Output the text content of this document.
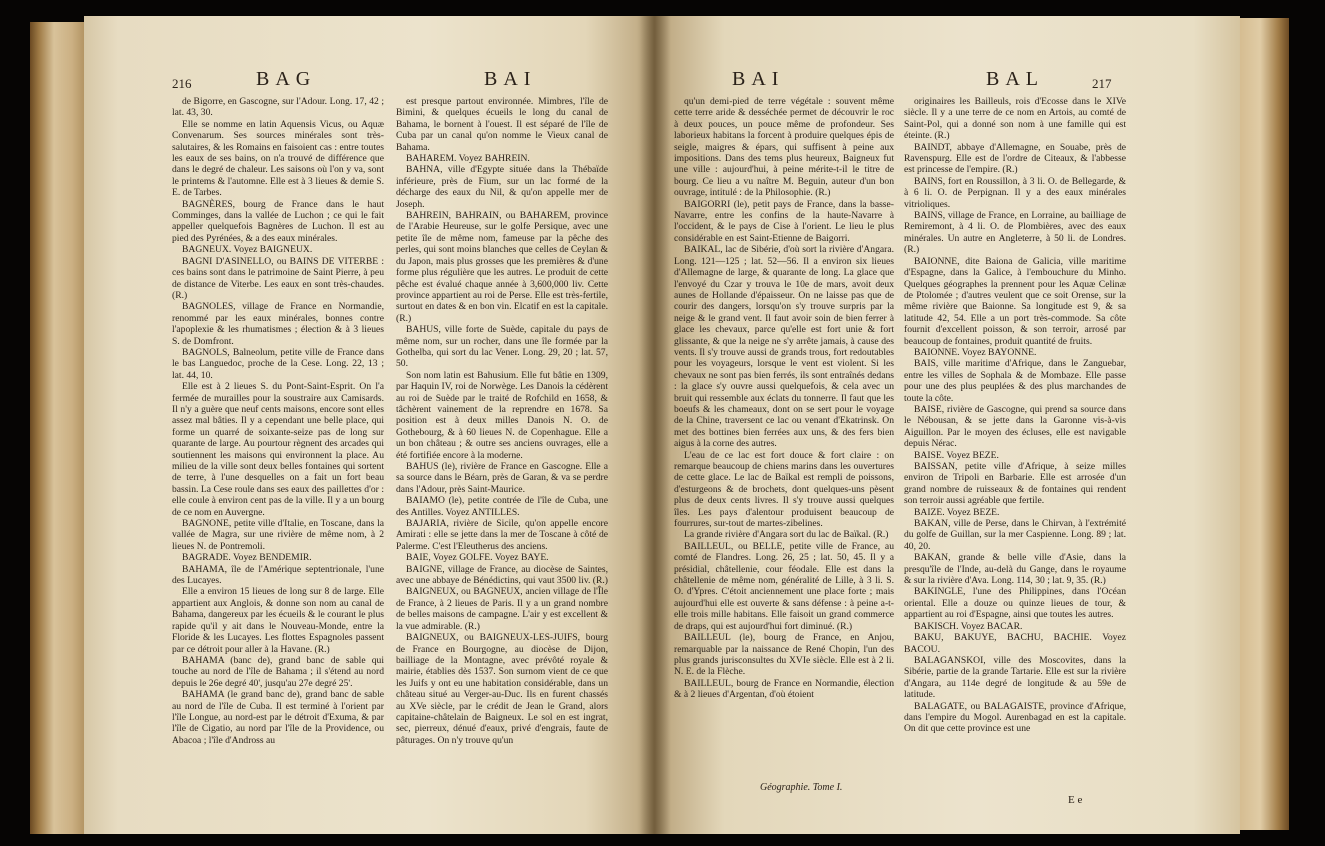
216	BAG	BAI

de Bigorre, en Gascogne, sur l'Adour. Long. 17, 42 ; lat. 43, 30.

Elle se nomme en latin Aquensis Vicus, ou Aquæ Convenarum. Ses sources minérales sont très-salutaires, & les Romains en faisoient cas : entre toutes les eaux de ses bains, on n'a trouvé de différence que dans le degré de chaleur. Les saisons où l'on y va, sont le printems & l'automne. Elle est à 3 lieues & demie S. E. de Tarbes.

BAGNÈRES, bourg de France dans le haut Comminges, dans la vallée de Luchon ; ce qui le fait appeller quelquefois Bagnères de Luchon. Il est au pied des Pyrénées, & a des eaux minérales.

BAGNEUX. Voyez BAIGNEUX.

BAGNI D'ASINELLO, ou BAINS DE VITERBE : ces bains sont dans le patrimoine de Saint Pierre, à peu de distance de Viterbe. Les eaux en sont très-chaudes. (R.)

BAGNOLES, village de France en Normandie, renommé par les eaux minérales, bonnes contre l'apoplexie & les rhumatismes ; élection & à 3 lieues S. de Domfront.

BAGNOLS, Balneolum, petite ville de France dans le bas Languedoc, proche de la Cese. Long. 22, 13 ; lat. 44, 10.

Elle est à 2 lieues S. du Pont-Saint-Esprit. On l'a fermée de murailles pour la soustraire aux Camisards. Il n'y a guère que neuf cents maisons, encore sont elles assez mal bâties. Il y a cependant une belle place, qui forme un quarré de soixante-seize pas de long sur quarante de large. Au pourtour règnent des arcades qui soutiennent les maisons qui environnent la place. Au milieu de la ville sont deux belles fontaines qui sortent de terre, à l'une desquelles on a fait un fort beau bassin. La Cese roule dans ses eaux des paillettes d'or : elle coule à environ cent pas de la ville. Il y a un bourg de ce nom en Auvergne.

BAGNONE, petite ville d'Italie, en Toscane, dans la vallée de Magra, sur une rivière de même nom, à 2 lieues N. de Pontremoli.

BAGRADE. Voyez BENDEMIR.

BAHAMA, île de l'Amérique septentrionale, l'une des Lucayes.

Elle a environ 15 lieues de long sur 8 de large. Elle appartient aux Anglois, & donne son nom au canal de Bahama, dangereux par les écueils & le courant le plus rapide qu'il y ait dans le Nouveau-Monde, entre la Floride & les Lucayes. Les flottes Espagnoles passent par ce détroit pour aller à la Havane. (R.)

BAHAMA (banc de), grand banc de sable qui touche au nord de l'île de Bahama ; il s'étend au nord depuis le 26e degré 40', jusqu'au 27e degré 25'.

BAHAMA (le grand banc de), grand banc de sable au nord de l'île de Cuba. Il est terminé à l'orient par l'île Longue, au nord-est par le détroit d'Exuma, & par l'île de Cigatio, au nord par l'île de la Providence, ou Abacoa ; l'île d'Andross au

est presque partout environnée. Mimbres, l'île de Bimini, & quelques écueils le long du canal de Bahama, le bornent à l'ouest. Il est séparé de l'île de Cuba par un canal qu'on nomme le Vieux canal de Bahama.

BAHAREM. Voyez BAHREIN.

BAHNA, ville d'Egypte située dans la Thébaïde inférieure, près de Fium, sur un lac formé de la décharge des eaux du Nil, & qu'on appelle mer de Joseph.

BAHREIN, BAHRAIN, ou BAHAREM, province de l'Arabie Heureuse, sur le golfe Persique, avec une petite île de même nom, fameuse par la pêche des perles, qui sont moins blanches que celles de Ceylan & du Japon, mais plus grosses que les premières & d'une forme plus régulière que les autres. Le produit de cette pêche est évalué chaque année à 3,600,000 liv. Cette province appartient au roi de Perse. Elle est très-fertile, surtout en dates & en bon vin. Elcatif en est la capitale. (R.)

BAHUS, ville forte de Suède, capitale du pays de même nom, sur un rocher, dans une île formée par la Gothelba, qui sort du lac Vener. Long. 29, 20 ; lat. 57, 50.

Son nom latin est Bahusium. Elle fut bâtie en 1309, par Haquin IV, roi de Norwège. Les Danois la cédèrent au roi de Suède par le traité de Rofchild en 1658, & tâchèrent vainement de la reprendre en 1678. Sa position est à deux milles Danois N. O. de Gothebourg, & à 60 lieues N. de Copenhague. Elle a un bon château ; & outre ses anciens ouvrages, elle a été fortifiée encore à la moderne.

BAHUS (le), rivière de France en Gascogne. Elle a sa source dans le Béarn, près de Garan, & va se perdre dans l'Adour, près Saint-Maurice.

BAIAMO (le), petite contrée de l'île de Cuba, une des Antilles. Voyez ANTILLES.

BAJARIA, rivière de Sicile, qu'on appelle encore Amirati : elle se jette dans la mer de Toscane à côté de Palerme. C'est l'Eleutherus des anciens.

BAIE, Voyez GOLFE. Voyez BAYE.

BAIGNE, village de France, au diocèse de Saintes, avec une abbaye de Bénédictins, qui vaut 3500 liv. (R.)

BAIGNEUX, ou BAGNEUX, ancien village de l'Île de France, à 2 lieues de Paris. Il y a un grand nombre de belles maisons de campagne. L'air y est excellent & la vue admirable. (R.)

BAIGNEUX, ou BAIGNEUX-LES-JUIFS, bourg de France en Bourgogne, au diocèse de Dijon, bailliage de la Montagne, avec prévôté royale & mairie, établies dès 1537. Son surnom vient de ce que les Juifs y ont eu une habitation considérable, dans un château situé au Verger-au-Duc. Ils en furent chassés au XVe siècle, par le crédit de Jean le Grand, alors capitaine-châtelain de Baigneux. Le sol en est ingrat, sec, pierreux, dénué d'eaux, privé d'engrais, faute de pâturages. On n'y trouve qu'un

BAI	BAL	217

qu'un demi-pied de terre végétale : souvent même cette terre aride & desséchée permet de découvrir le roc à deux pouces, un pouce même de profondeur. Ses laborieux habitans la forcent à produire quelques épis de seigle, maigres & épars, qui suffisent à peine aux impositions. Dans des tems plus heureux, Baigneux fut une ville : aujourd'hui, à peine mérite-t-il le titre de bourg. Ce lieu a vu naître M. Beguin, auteur d'un bon ouvrage, intitulé : de la Philosophie. (R.)

BAIGORRI (le), petit pays de France, dans la basse-Navarre, entre les confins de la haute-Navarre à l'occident, & le pays de Cise à l'orient. Le lieu le plus considérable en est Saint-Etienne de Baigorri.

BAIKAL, lac de Sibérie, d'où sort la rivière d'Angara. Long. 121—125 ; lat. 52—56. Il a environ six lieues d'Allemagne de large, & quarante de long. La glace que l'envoyé du Czar y trouva le 10e de mars, avoit deux aunes de Hollande d'épaisseur. On ne laisse pas que de courir des dangers, lorsqu'on s'y trouve surpris par la neige & le grand vent. Il faut avoir soin de bien ferrer à glace les chevaux, parce qu'elle est fort unie & fort glissante, & que la neige ne s'y arrête jamais, à cause des vents. Il s'y trouve aussi de grands trous, fort redoutables pour les voyageurs, lorsque le vent est violent. Si les chevaux ne sont pas bien ferrés, ils sont entraînés dedans : la glace s'y ouvre aussi quelquefois, & cela avec un bruit qui ressemble aux éclats du tonnerre. Il faut que les boeufs & les chameaux, dont on se sert pour le voyage de la Chine, traversent ce lac ou venant d'Ekatrinsk. On met des bottines bien ferrées aux uns, & des fers bien aigus à la corne des autres.

L'eau de ce lac est fort douce & fort claire : on remarque beaucoup de chiens marins dans les ouvertures de cette glace. Le lac de Baïkal est rempli de poissons, d'esturgeons & de brochets, dont quelques-uns pèsent plus de deux cents livres. Il s'y trouve aussi quelques îles. Les pays d'alentour produisent beaucoup de fourrures, sur-tout de martes-zibelines.

La grande rivière d'Angara sort du lac de Baïkal. (R.)

BAILLEUL, ou BELLE, petite ville de France, au comté de Flandres. Long. 26, 25 ; lat. 50, 45. Il y a présidial, châtellenie, cour féodale. Elle est dans la châtellenie de même nom, généralité de Lille, à 3 li. S. O. d'Ypres. C'étoit anciennement une place forte ; mais aujourd'hui elle est ouverte & sans défense : à peine a-t-elle trois mille habitans. Elle faisoit un grand commerce de draps, qui est aujourd'hui fort diminué. (R.)

BAILLEUL (le), bourg de France, en Anjou, remarquable par la naissance de René Chopin, l'un des plus grands jurisconsultes du XVIe siècle. Elle est à 2 li. N. E. de la Flèche.

BAILLEUL, bourg de France en Normandie, élection & à 2 lieues d'Argentan, d'où étoient

Géographie. Tome I.

originaires les Bailleuls, rois d'Ecosse dans le XIVe siècle. Il y a une terre de ce nom en Artois, au comté de Saint-Pol, qui a donné son nom à une famille qui est éteinte. (R.)

BAINDT, abbaye d'Allemagne, en Souabe, près de Ravenspurg. Elle est de l'ordre de Citeaux, & l'abbesse est princesse de l'empire. (R.)

BAINS, fort en Roussillon, à 3 li. O. de Bellegarde, & à 6 li. O. de Perpignan. Il y a des eaux minérales vitrioliques.

BAINS, village de France, en Lorraine, au bailliage de Remiremont, à 4 li. O. de Plombières, avec des eaux minérales. Un autre en Angleterre, à 50 li. de Londres. (R.)

BAIONNE, dite Baiona de Galicia, ville maritime d'Espagne, dans la Galice, à l'embouchure du Minho. Quelques géographes la prennent pour les Aquæ Celinæ de Ptolomée ; d'autres veulent que ce soit Orense, sur la même rivière que Baionne. Sa longitude est 9, & sa latitude 42, 54. Elle a un port très-commode. Sa côte fournit d'excellent poisson, & son terroir, arrosé par beaucoup de fontaines, produit quantité de fruits.

BAIONNE. Voyez BAYONNE.

BAIS, ville maritime d'Afrique, dans le Zanguebar, entre les villes de Sophala & de Mombaze. Elle passe pour une des plus peuplées & des plus marchandes de toute la côte.

BAISE, rivière de Gascogne, qui prend sa source dans le Nébousan, & se jette dans la Garonne vis-à-vis Aiguillon. Par le moyen des écluses, elle est navigable depuis Nérac.

BAISE. Voyez BEZE.

BAISSAN, petite ville d'Afrique, à seize milles environ de Tripoli en Barbarie. Elle est arrosée d'un grand nombre de ruisseaux & de fontaines qui rendent son terroir aussi agréable que fertile.

BAIZE. Voyez BEZE.

BAKAN, ville de Perse, dans le Chirvan, à l'extrémité du golfe de Guillan, sur la mer Caspienne. Long. 89 ; lat. 40, 20.

BAKAN, grande & belle ville d'Asie, dans la presqu'île de l'Inde, au-delà du Gange, dans le royaume & sur la rivière d'Ava. Long. 114, 30 ; lat. 9, 35. (R.)

BAKINGLE, l'une des Philippines, dans l'Océan oriental. Elle a douze ou quinze lieues de tour, & appartient au roi d'Espagne, ainsi que toutes les autres.

BAKISCH. Voyez BACAR.

BAKU, BAKUYE, BACHU, BACHIE. Voyez BACOU.

BALAGANSKOI, ville des Moscovites, dans la Sibérie, partie de la grande Tartarie. Elle est sur la rivière d'Angara, au 114e degré de longitude & au 59e de latitude.

BALAGATE, ou BALAGAISTE, province d'Afrique, dans l'empire du Mogol. Aurenbagad en est la capitale. On dit que cette province est une

E e
